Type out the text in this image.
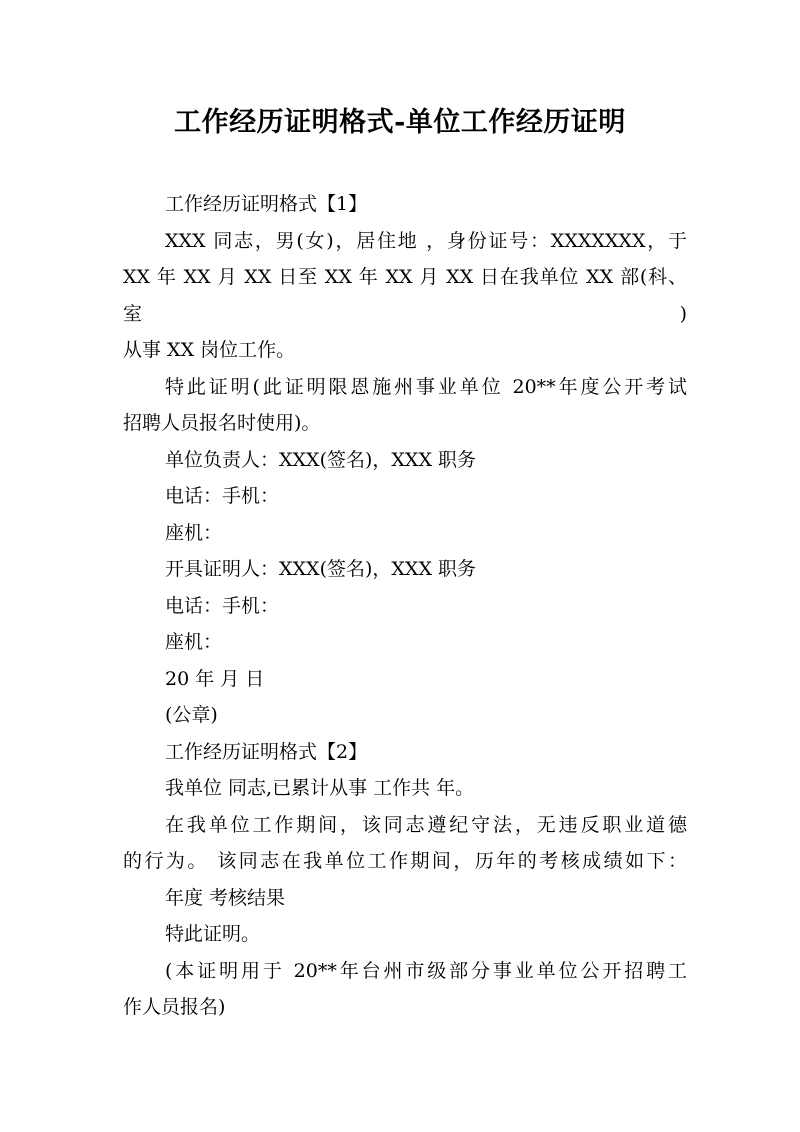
工作经历证明格式-单位工作经历证明
工作经历证明格式【1】
XXX 同志，男(女)，居住地 ，身份证号：XXXXXXX，于
XX 年 XX 月 XX 日至 XX 年 XX 月 XX 日在我单位 XX 部(科、室)
从事 XX 岗位工作。
特此证明(此证明限恩施州事业单位 20**年度公开考试
招聘人员报名时使用)。
单位负责人：XXX(签名)，XXX 职务
电话：手机：
座机：
开具证明人：XXX(签名)，XXX 职务
电话：手机：
座机：
20 年 月 日
(公章)
工作经历证明格式【2】
我单位 同志,已累计从事 工作共 年。
在我单位工作期间，该同志遵纪守法，无违反职业道德
的行为。 该同志在我单位工作期间，历年的考核成绩如下：
年度 考核结果
特此证明。
(本证明用于 20**年台州市级部分事业单位公开招聘工
作人员报名)
